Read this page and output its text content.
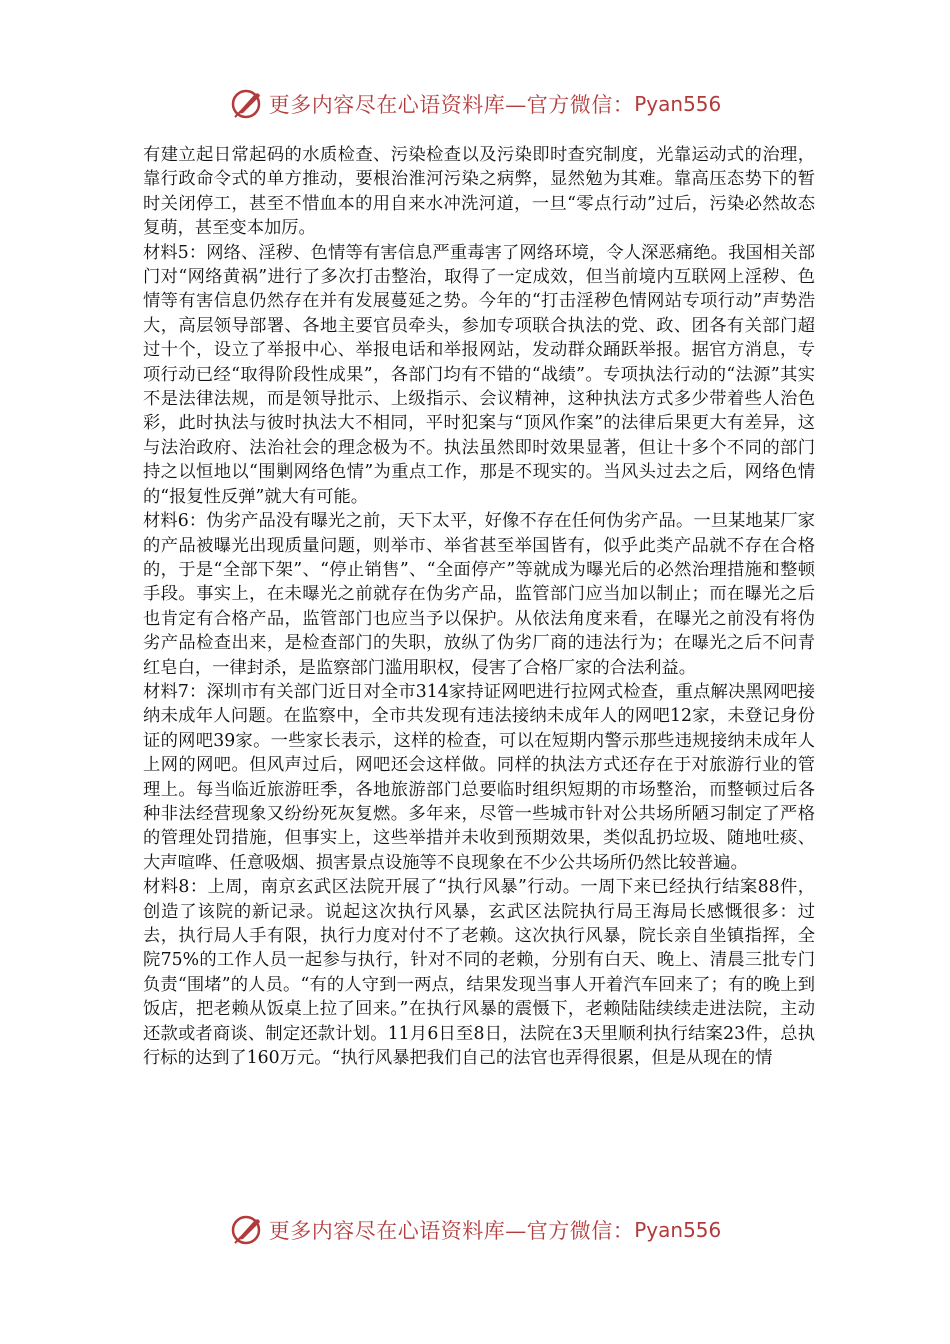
更多内容尽在心语资料库—官方微信： Pyan556

有建立起日常起码的水质检查、污染检查以及污染即时查究制度，光靠运动式的治理，靠行政命令式的单方推动，要根治淮河污染之病弊，显然勉为其难。靠高压态势下的暂时关闭停工，甚至不惜血本的用自来水冲洗河道，一旦“零点行动”过后，污染必然故态复萌，甚至变本加厉。

材料5：网络、淫秽、色情等有害信息严重毒害了网络环境，令人深恶痛绝。我国相关部门对“网络黄祸”进行了多次打击整治，取得了一定成效，但当前境内互联网上淫秽、色情等有害信息仍然存在并有发展蔓延之势。今年的“打击淫秽色情网站专项行动”声势浩大，高层领导部署、各地主要官员牵头，参加专项联合执法的党、政、团各有关部门超过十个，设立了举报中心、举报电话和举报网站，发动群众踊跃举报。据官方消息，专项行动已经“取得阶段性成果”，各部门均有不错的“战绩”。专项执法行动的“法源”其实不是法律法规，而是领导批示、上级指示、会议精神，这种执法方式多少带着些人治色彩，此时执法与彼时执法大不相同，平时犯案与“顶风作案”的法律后果更大有差异，这与法治政府、法治社会的理念极为不。执法虽然即时效果显著，但让十多个不同的部门持之以恒地以“围剿网络色情”为重点工作，那是不现实的。当风头过去之后，网络色情的“报复性反弹”就大有可能。

材料6：伪劣产品没有曝光之前，天下太平，好像不存在任何伪劣产品。一旦某地某厂家的产品被曝光出现质量问题，则举市、举省甚至举国皆有，似乎此类产品就不存在合格的，于是“全部下架”、“停止销售”、“全面停产”等就成为曝光后的必然治理措施和整顿手段。事实上，在未曝光之前就存在伪劣产品，监管部门应当加以制止；而在曝光之后也肯定有合格产品，监管部门也应当予以保护。从依法角度来看，在曝光之前没有将伪劣产品检查出来，是检查部门的失职，放纵了伪劣厂商的违法行为；在曝光之后不问青红皂白，一律封杀，是监察部门滥用职权，侵害了合格厂家的合法利益。

材料7：深圳市有关部门近日对全市314家持证网吧进行拉网式检查，重点解决黑网吧接纳未成年人问题。在监察中，全市共发现有违法接纳未成年人的网吧12家，未登记身份证的网吧39家。一些家长表示，这样的检查，可以在短期内警示那些违规接纳未成年人上网的网吧。但风声过后，网吧还会这样做。同样的执法方式还存在于对旅游行业的管理上。每当临近旅游旺季，各地旅游部门总要临时组织短期的市场整治，而整顿过后各种非法经营现象又纷纷死灰复燃。多年来，尽管一些城市针对公共场所陋习制定了严格的管理处罚措施，但事实上，这些举措并未收到预期效果，类似乱扔垃圾、随地吐痰、大声喧哗、任意吸烟、损害景点设施等不良现象在不少公共场所仍然比较普遍。

材料8：上周，南京玄武区法院开展了“执行风暴”行动。一周下来已经执行结案88件，创造了该院的新记录。说起这次执行风暴，玄武区法院执行局王海局长感慨很多：过去，执行局人手有限，执行力度对付不了老赖。这次执行风暴，院长亲自坐镇指挥，全院75%的工作人员一起参与执行，针对不同的老赖，分别有白天、晚上、清晨三批专门负责“围堵”的人员。“有的人守到一两点，结果发现当事人开着汽车回来了；有的晚上到饭店，把老赖从饭桌上拉了回来。”在执行风暴的震慑下，老赖陆陆续续走进法院，主动还款或者商谈、制定还款计划。11月6日至8日，法院在3天里顺利执行结案23件，总执行标的达到了160万元。“执行风暴把我们自己的法官也弄得很累，但是从现在的情

更多内容尽在心语资料库—官方微信： Pyan556
